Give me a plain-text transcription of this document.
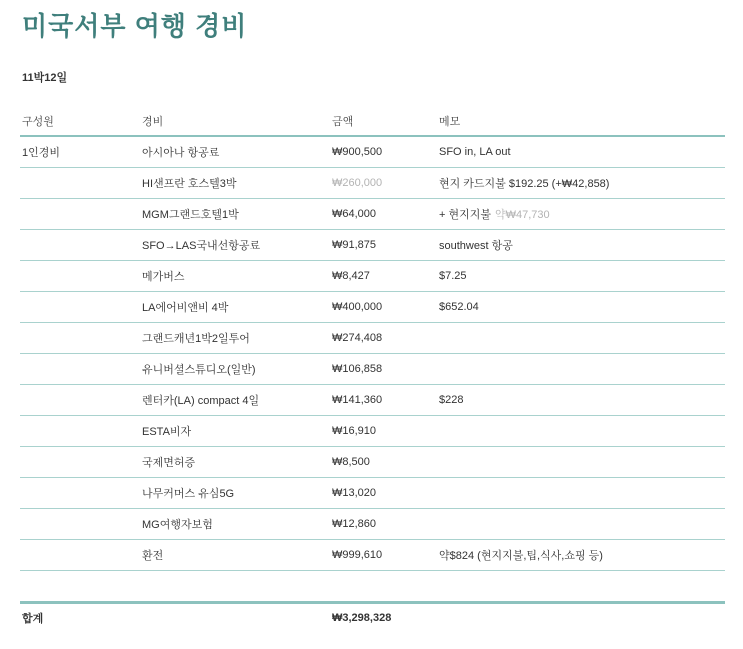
미국서부 여행 경비
11박12일
구성원	경비	금액	메모
1인경비	아시아나 항공료	₩900,500	SFO in, LA out
	HI샌프란 호스텔3박	₩260,000	현지 카드지불 $192.25 (+₩42,858)
	MGM그랜드호텔1박	₩64,000	+ 현지지불 약₩47,730
	SFO→LAS국내선항공료	₩91,875	southwest 항공
	메가버스	₩8,427	$7.25
	LA에어비앤비 4박	₩400,000	$652.04
	그랜드캐년1박2일투어	₩274,408	
	유니버셜스튜디오(일반)	₩106,858	
	렌터카(LA) compact 4일	₩141,360	$228
	ESTA비자	₩16,910	
	국제면허증	₩8,500	
	나무커머스 유심5G	₩13,020	
	MG여행자보험	₩12,860	
	환전	₩999,610	약$824 (현지지불,팁,식사,쇼핑 등)

합계		₩3,298,328	
